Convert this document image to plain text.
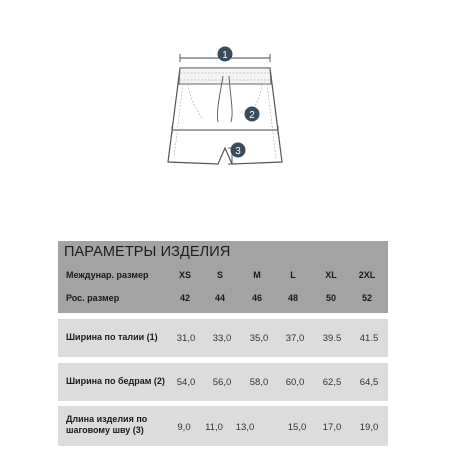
1
2
3
ПАРАМЕТРЫ ИЗДЕЛИЯ
Междунар. размер	XS	S	M	L	XL	2XL
Рос. размер	42	44	46	48	50	52
Ширина по талии (1)	31,0	33,0	35,0	37,0	39.5	41.5
Ширина по бедрам (2)	54,0	56,0	58,0	60,0	62,5	64,5
Длина изделия по
шаговому шву (3)	9,0	11,0	13,0	15,0	17,0	19,0
